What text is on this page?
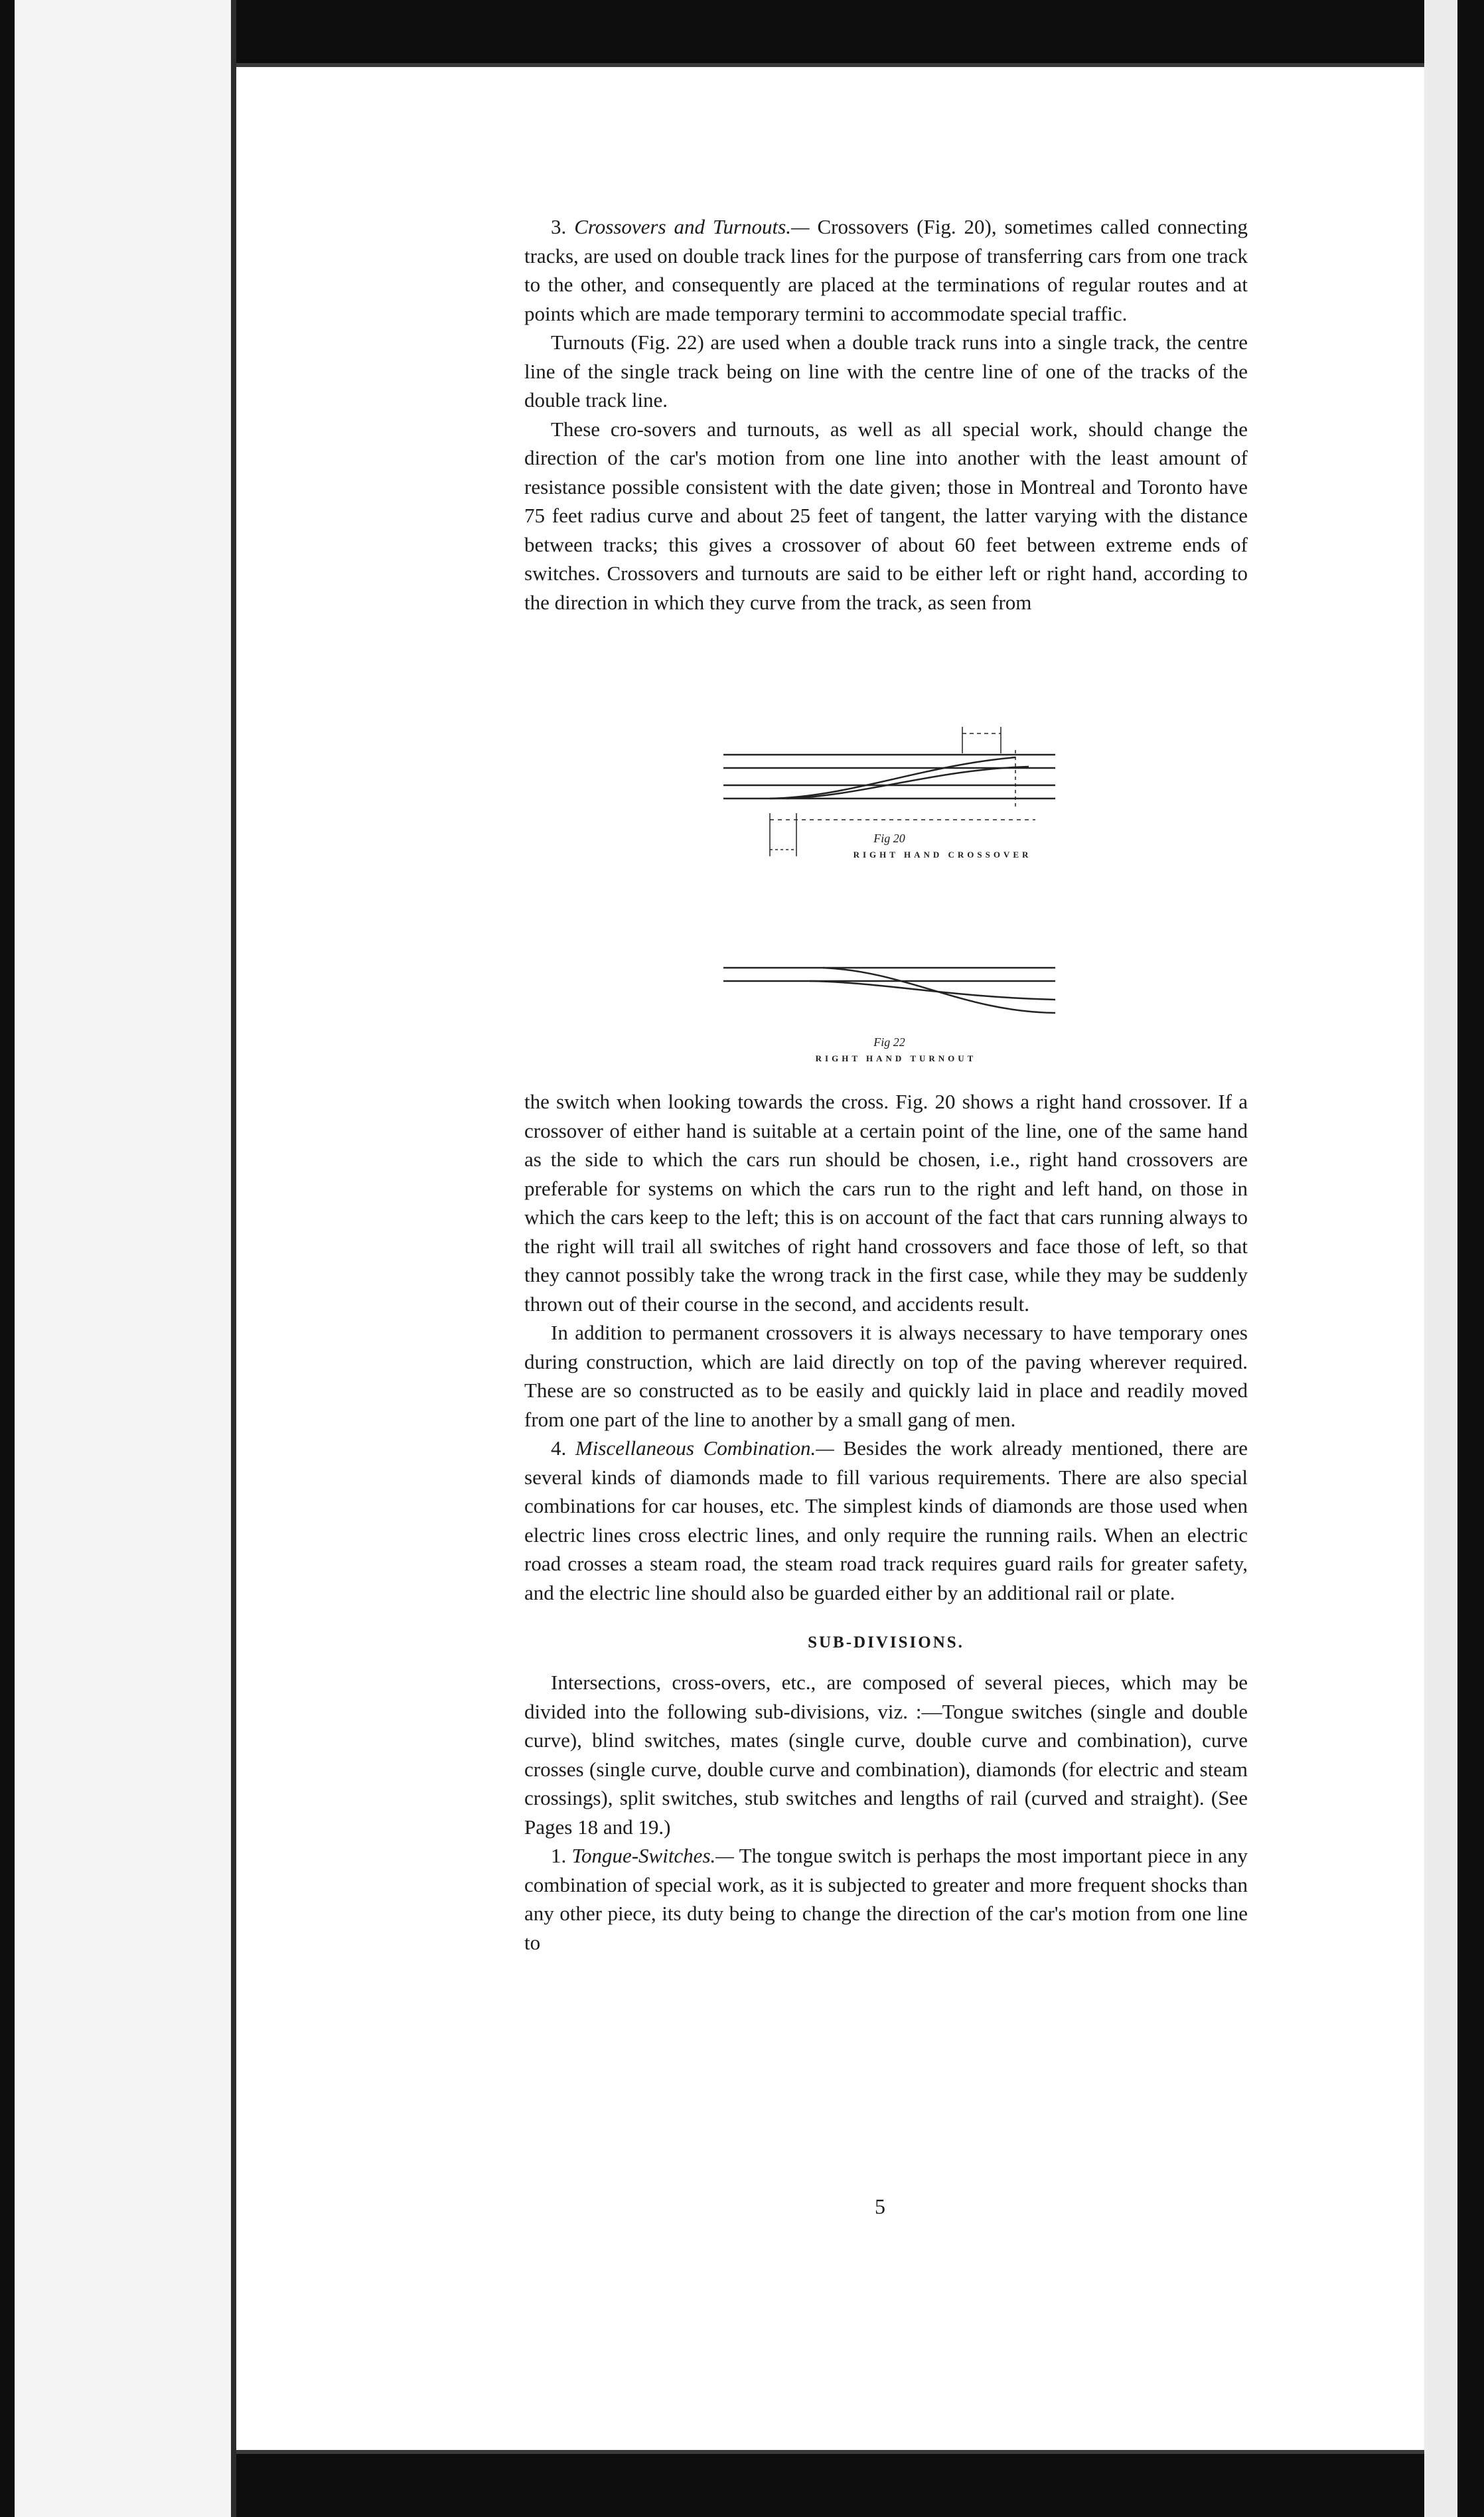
3. Crossovers and Turnouts.— Crossovers (Fig. 20), sometimes called connecting tracks, are used on double track lines for the purpose of transferring cars from one track to the other, and consequently are placed at the terminations of regular routes and at points which are made temporary termini to accommodate special traffic.

Turnouts (Fig. 22) are used when a double track runs into a single track, the centre line of the single track being on line with the centre line of one of the tracks of the double track line.

These cro-sovers and turnouts, as well as all special work, should change the direction of the car's motion from one line into another with the least amount of resistance possible consistent with the date given; those in Montreal and Toronto have 75 feet radius curve and about 25 feet of tangent, the latter varying with the distance between tracks; this gives a crossover of about 60 feet between extreme ends of switches. Crossovers and turnouts are said to be either left or right hand, according to the direction in which they curve from the track, as seen from

Fig 20
RIGHT HAND CROSSOVER
Fig 22
RIGHT HAND TURNOUT

the switch when looking towards the cross. Fig. 20 shows a right hand crossover. If a crossover of either hand is suitable at a certain point of the line, one of the same hand as the side to which the cars run should be chosen, i.e., right hand crossovers are preferable for systems on which the cars run to the right and left hand, on those in which the cars keep to the left; this is on account of the fact that cars running always to the right will trail all switches of right hand crossovers and face those of left, so that they cannot possibly take the wrong track in the first case, while they may be suddenly thrown out of their course in the second, and accidents result.

In addition to permanent crossovers it is always necessary to have temporary ones during construction, which are laid directly on top of the paving wherever required. These are so constructed as to be easily and quickly laid in place and readily moved from one part of the line to another by a small gang of men.

4. Miscellaneous Combination.— Besides the work already mentioned, there are several kinds of diamonds made to fill various requirements. There are also special combinations for car houses, etc. The simplest kinds of diamonds are those used when electric lines cross electric lines, and only require the running rails. When an electric road crosses a steam road, the steam road track requires guard rails for greater safety, and the electric line should also be guarded either by an additional rail or plate.

SUB-DIVISIONS.

Intersections, cross-overs, etc., are composed of several pieces, which may be divided into the following sub-divisions, viz. :—Tongue switches (single and double curve), blind switches, mates (single curve, double curve and combination), curve crosses (single curve, double curve and combination), diamonds (for electric and steam crossings), split switches, stub switches and lengths of rail (curved and straight). (See Pages 18 and 19.)

1. Tongue-Switches.— The tongue switch is perhaps the most important piece in any combination of special work, as it is subjected to greater and more frequent shocks than any other piece, its duty being to change the direction of the car's motion from one line to

5
